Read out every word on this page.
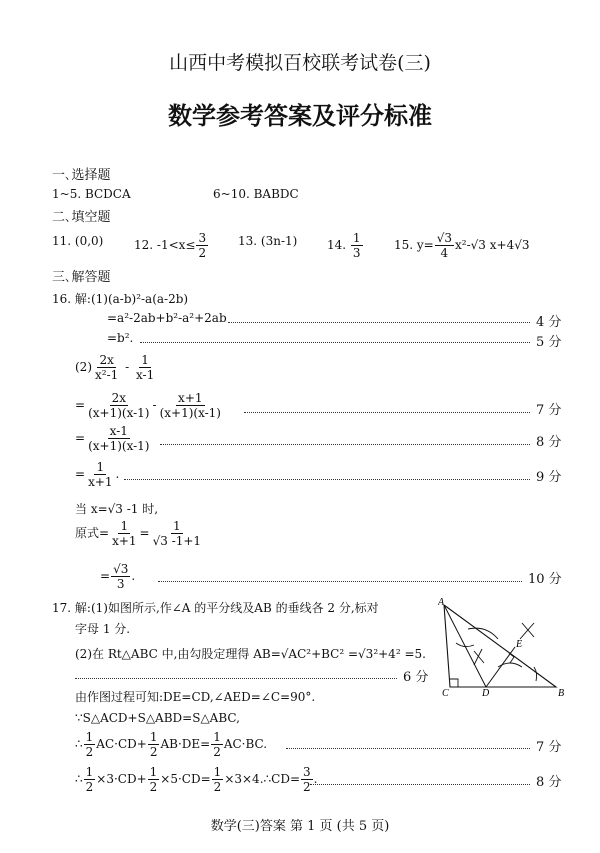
山西中考模拟百校联考试卷(三)
数学参考答案及评分标准
一､选择题
1~5. BCDCA	6~10. BABDC
二､填空题
11. (0,0)	12. $-1<x\le \frac{3}{2} 13$. (3n-1) 14. $\frac{1}{3}$	15. $y= \frac{√3}{4} x^2-√3$ x+4√3
三､解答题
16. 解:(1)(a-b)²-a(a-2b)
=a²-2ab+b²-a²+2ab	4 分
=b².	5 分
$(2) \frac{2x}{\text{x²-1}} - \frac{1}{x-1}$
= $\frac{2x}{(x+1)(x-1)} - \frac{x+1}{(x+1)(x-1)}$	7 分
= $\frac{x-1}{(x+1)(x-1)}$	8 分
= $\frac{1}{x+1}$ .	9 分
当 x=√3 -1 时,
原式= $\frac{1}{x+1} = \frac{1}{√3 -1+1}$
= $\frac{√3}{3}$ .	10 分
17. 解:(1)如图所示,作∠A 的平分线及AB 的垂线各 2 分,标对
字母 1 分.
(2)在 Rt△ABC 中,由勾股定理得 AB=√AC²+BC² =√3²+4² =5.
6 分
由作图过程可知:DE=CD,∠AED=∠C=90°.
∵S△ACD+S△ABD=S△ABC,
∴ $\frac{1}{2} AC\cdot CD+ \frac{1}{2} AB\cdot DE= \frac{1}{2} AC\cdot BC$.	7 分
∴ $\frac{1}{2} \times 3\cdot CD+ \frac{1}{2} \times 5\cdot CD= \frac{1}{2}$ ×3×4.∴CD= $\frac{3}{2}$ .	8 分
A
C	D	B
E
数学(三)答案 第 1 页 (共 5 页)
